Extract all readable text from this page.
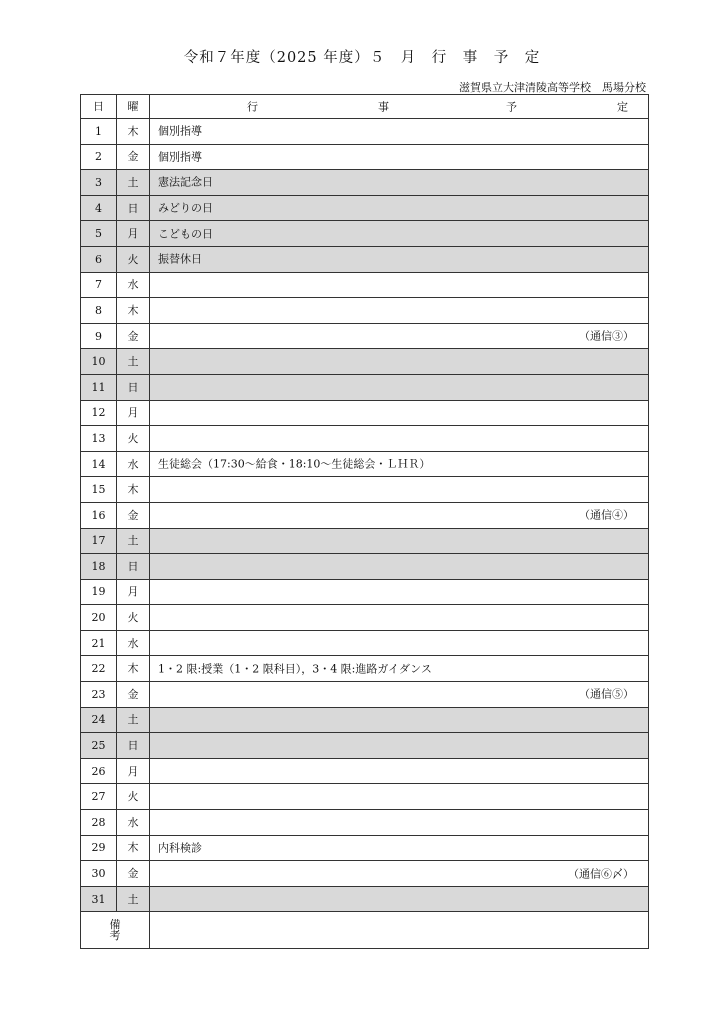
令和７年度（2025 年度）５　月　行　事　予　定
滋賀県立大津清陵高等学校　馬場分校
日	曜	行 事 予 定

1	木	個別指導

2	金	個別指導

3	土	憲法記念日

4	日	みどりの日

5	月	こどもの日

6	火	振替休日

7	水	

8	木	

9	金	（通信③）

10	土	

11	日	

12	月	

13	火	

14	水	生徒総会（17:30～給食・18:10～生徒総会・ＬＨＲ）

15	木	

16	金	（通信④）

17	土	

18	日	

19	月	

20	火	

21	水	

22	木	1・2 限:授業（1・2 限科目），3・4 限:進路ガイダンス

23	金	（通信⑤）

24	土	

25	日	

26	月	

27	火	

28	水	

29	木	内科検診

30	金	（通信⑥〆）

31	土	

備　考		
